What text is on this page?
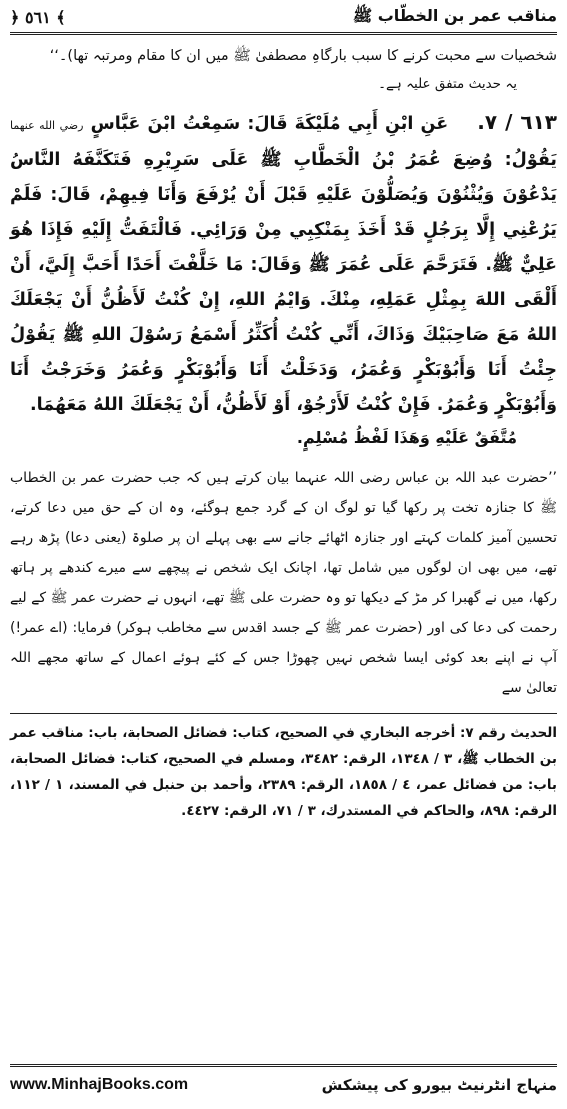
﴿ ٥٦١ ﴾	مناقب عمر بن الخطّاب ﷺ
شخصیات سے محبت کرنے کا سبب بارگاہِ مصطفیٰ ﷺ میں ان کا مقام ومرتبہ تھا)۔‘‘
یہ حدیث متفق علیہ ہے۔
٦١٣ / ٧. عَنِ ابْنِ أَبِي مُلَيْكَةَ قَالَ: سَمِعْتُ ابْنَ عَبَّاسٍ رضي الله عنهما يَقُوْلُ: وُضِعَ عُمَرُ بْنُ الْخَطَّابِ ﷺ عَلَى سَرِيْرِهِ فَتَكَنَّفَهُ النَّاسُ يَدْعُوْنَ وَيُثْنُوْنَ وَيُصَلُّوْنَ عَلَيْهِ قَبْلَ أَنْ يُرْفَعَ وَأَنَا فِيهِمْ، قَالَ: فَلَمْ يَرُعْنِي إِلَّا بِرَجُلٍ قَدْ أَخَذَ بِمَنْكِبِي مِنْ وَرَائِي. فَالْتَفَتُّ إِلَيْهِ فَإِذَا هُوَ عَلِيٌّ ﷺ. فَتَرَحَّمَ عَلَى عُمَرَ ﷺ وَقَالَ: مَا خَلَّفْتَ أَحَدًا أَحَبَّ إِلَيَّ، أَنْ أَلْقَى اللهَ بِمِثْلِ عَمَلِهِ، مِنْكَ. وَايْمُ اللهِ، إِنْ كُنْتُ لَأَظُنُّ أَنْ يَجْعَلَكَ اللهُ مَعَ صَاحِبَيْكَ وَذَاكَ، أَنِّي كُنْتُ أُكَثِّرُ أَسْمَعُ رَسُوْلَ اللهِ ﷺ يَقُوْلُ جِئْتُ أَنَا وَأَبُوْبَكْرٍ وَعُمَرُ، وَدَخَلْتُ أَنَا وَأَبُوْبَكْرٍ وَعُمَرُ وَخَرَجْتُ أَنَا وَأَبُوْبَكْرٍ وَعُمَرُ. فَإِنْ كُنْتُ لَأَرْجُوْ، أَوْ لَأَظُنُّ، أَنْ يَجْعَلَكَ اللهُ مَعَهُمَا.
مُتَّفَقٌ عَلَيْهِ وَهَذَا لَفْظُ مُسْلِمٍ.
’’حضرت عبد اللہ بن عباس رضی اللہ عنہما بیان کرتے ہیں کہ جب حضرت عمر بن الخطاب ﷺ کا جنازہ تخت پر رکھا گیا تو لوگ ان کے گرد جمع ہوگئے، وہ ان کے حق میں دعا کرتے، تحسین آمیز کلمات کہتے اور جنازہ اٹھائے جانے سے بھی پہلے ان پر صلوۃ (یعنی دعا) پڑھ رہے تھے، میں بھی ان لوگوں میں شامل تھا، اچانک ایک شخص نے پیچھے سے میرے کندھے پر ہاتھ رکھا، میں نے گھبرا کر مڑ کے دیکھا تو وہ حضرت علی ﷺ تھے، انہوں نے حضرت عمر ﷺ کے لیے رحمت کی دعا کی اور (حضرت عمر ﷺ کے جسد اقدس سے مخاطب ہوکر) فرمایا: (اے عمر!) آپ نے اپنے بعد کوئی ایسا شخص نہیں چھوڑا جس کے کئے ہوئے اعمال کے ساتھ مجھے اللہ تعالیٰ سے
الحديث رقم ٧: أخرجه البخاري في الصحيح، كتاب: فضائل الصحابة، باب: مناقب عمر بن الخطاب ﷺ، ٣ / ١٣٤٨، الرقم: ٣٤٨٢، ومسلم في الصحيح، كتاب: فضائل الصحابة، باب: من فضائل عمر، ٤ / ١٨٥٨، الرقم: ٢٣٨٩، وأحمد بن حنبل في المسند، ١ / ١١٢، الرقم: ٨٩٨، والحاكم في المستدرك، ٣ / ٧١، الرقم: ٤٤٢٧.
www.MinhajBooks.com	منہاج انٹرنیٹ بیورو کی پیشکش
